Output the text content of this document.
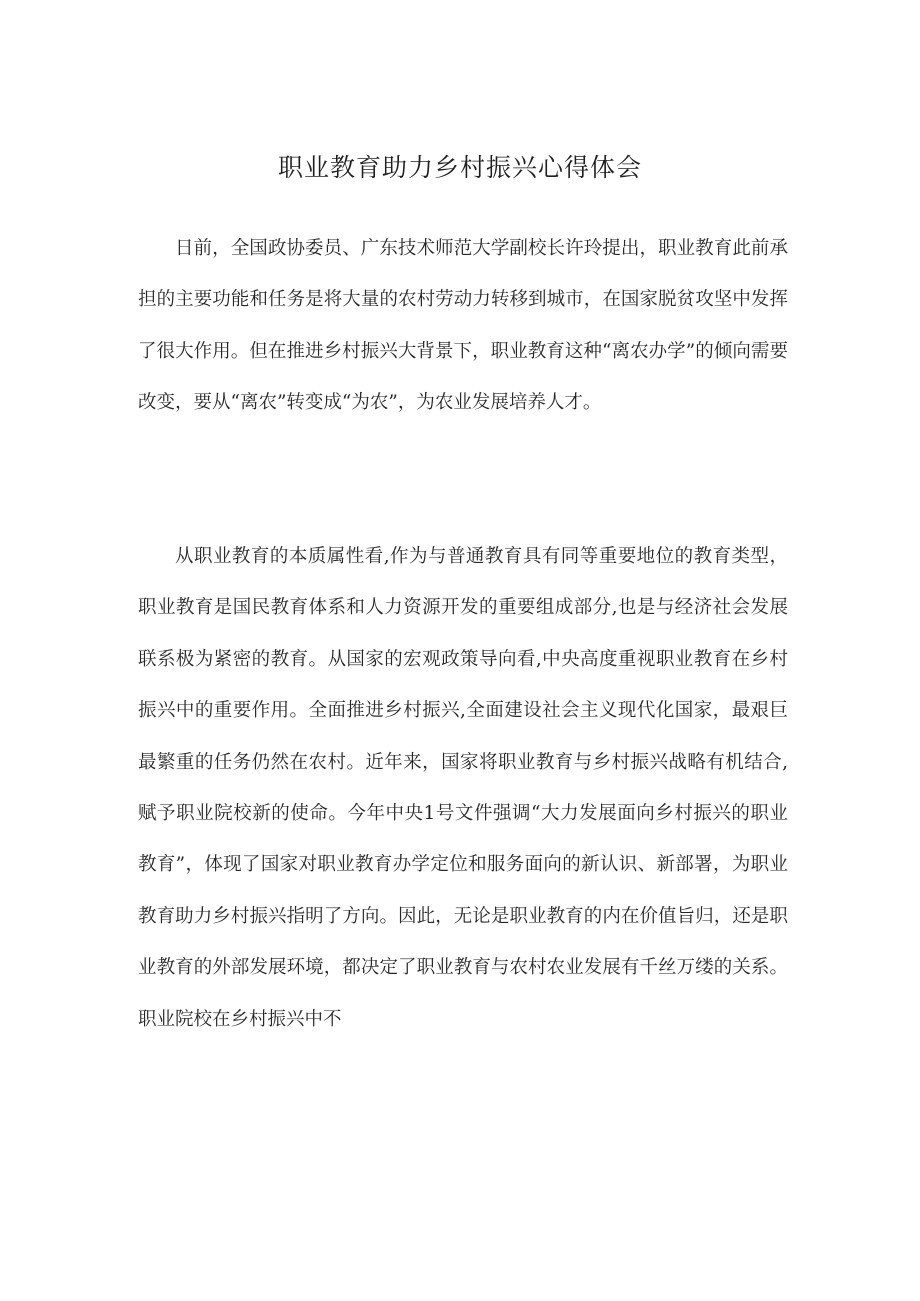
职业教育助力乡村振兴心得体会

日前，全国政协委员、广东技术师范大学副校长许玲提出，职业教育此前承担的主要功能和任务是将大量的农村劳动力转移到城市，在国家脱贫攻坚中发挥了很大作用。但在推进乡村振兴大背景下，职业教育这种“离农办学”的倾向需要改变，要从“离农”转变成“为农”，为农业发展培养人才。

从职业教育的本质属性看,作为与普通教育具有同等重要地位的教育类型，职业教育是国民教育体系和人力资源开发的重要组成部分,也是与经济社会发展联系极为紧密的教育。从国家的宏观政策导向看,中央高度重视职业教育在乡村振兴中的重要作用。全面推进乡村振兴,全面建设社会主义现代化国家，最艰巨最繁重的任务仍然在农村。近年来，国家将职业教育与乡村振兴战略有机结合,赋予职业院校新的使命。今年中央1号文件强调“大力发展面向乡村振兴的职业教育”，体现了国家对职业教育办学定位和服务面向的新认识、新部署，为职业教育助力乡村振兴指明了方向。因此，无论是职业教育的内在价值旨归，还是职业教育的外部发展环境，都决定了职业教育与农村农业发展有千丝万缕的关系。职业院校在乡村振兴中不
